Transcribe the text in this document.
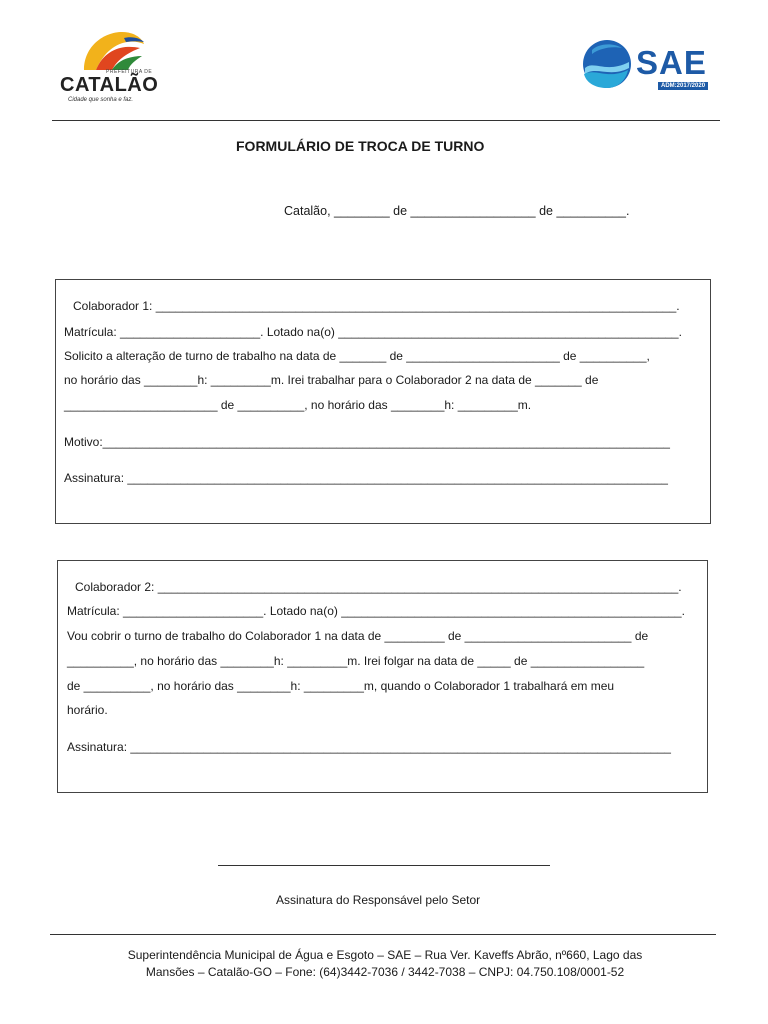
PREFEITURA DE
CATALÃO
Cidade que sonha e faz.
SAE
ADM:2017/2020
FORMULÁRIO DE TROCA DE TURNO
Catalão, ________ de __________________ de __________.
Colaborador 1: ______________________________________________________________________________.
Matrícula: _____________________. Lotado na(o) ___________________________________________________.
Solicito a alteração de turno de trabalho na data de _______ de _______________________ de __________,
no horário das ________h: _________m. Irei trabalhar para o Colaborador 2 na data de _______ de
_______________________ de __________, no horário das ________h: _________m.
Motivo:_____________________________________________________________________________________
Assinatura: _________________________________________________________________________________
Colaborador 2: ______________________________________________________________________________.
Matrícula: _____________________. Lotado na(o) ___________________________________________________.
Vou cobrir o turno de trabalho do Colaborador 1 na data de _________ de _________________________ de
__________, no horário das ________h: _________m. Irei folgar na data de _____ de _________________
de __________, no horário das ________h: _________m, quando o Colaborador 1 trabalhará em meu
horário.
Assinatura: _________________________________________________________________________________
Assinatura do Responsável pelo Setor
Superintendência Municipal de Água e Esgoto – SAE – Rua Ver. Kaveffs Abrão, nº660, Lago das
Mansões – Catalão-GO – Fone: (64)3442-7036 / 3442-7038 – CNPJ: 04.750.108/0001-52
